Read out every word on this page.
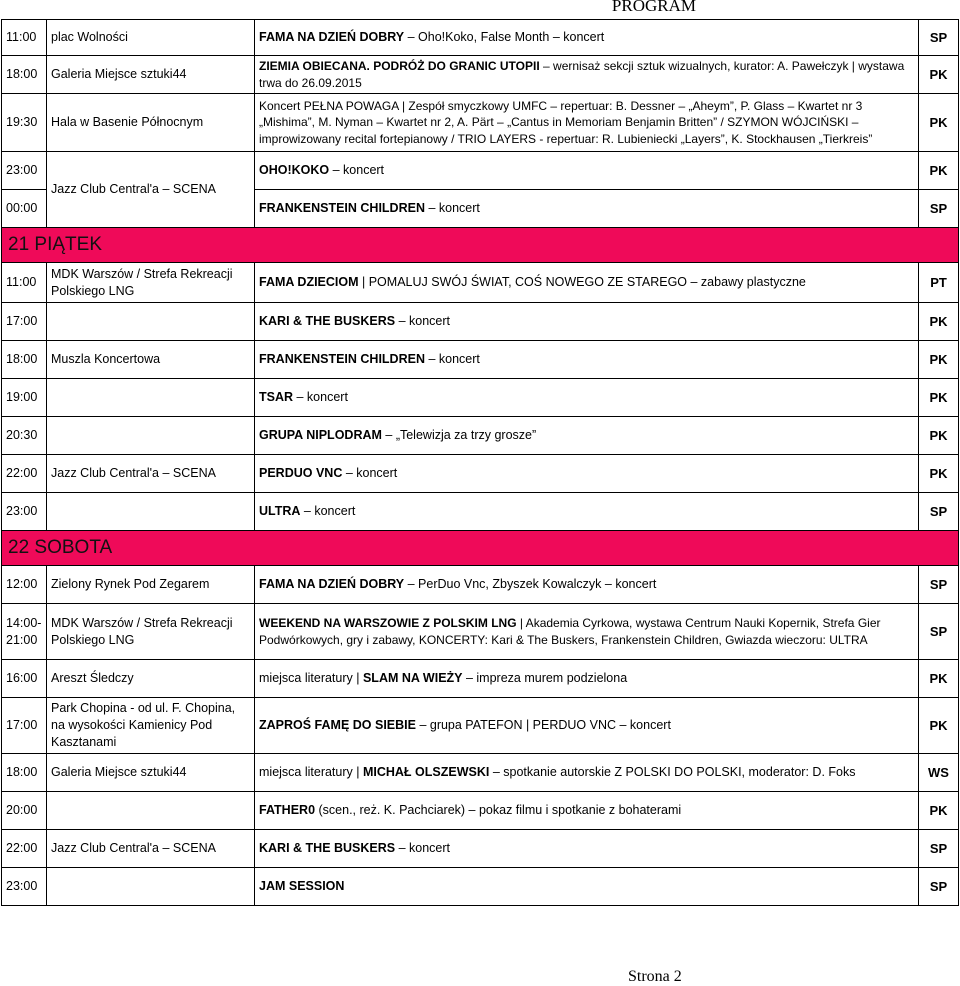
PROGRAM
11:00	plac Wolności	FAMA NA DZIEŃ DOBRY – Oho!Koko, False Month – koncert	SP
18:00	Galeria Miejsce sztuki44	ZIEMIA OBIECANA. PODRÓŻ DO GRANIC UTOPII – wernisaż sekcji sztuk wizualnych, kurator: A. Pawełczyk | wystawa trwa do 26.09.2015	PK
19:30	Hala w Basenie Północnym	Koncert PEŁNA POWAGA | Zespół smyczkowy UMFC – repertuar: B. Dessner – „Aheym”, P. Glass – Kwartet nr 3 „Mishima”, M. Nyman – Kwartet nr 2, A. Pärt – „Cantus in Memoriam Benjamin Britten” / SZYMON WÓJCIŃSKI – improwizowany recital fortepianowy / TRIO LAYERS - repertuar: R. Lubieniecki „Layers”, K. Stockhausen „Tierkreis”	PK
23:00	Jazz Club Central'a – SCENA	OHO!KOKO – koncert	PK
00:00		FRANKENSTEIN CHILDREN – koncert	SP
21 PIĄTEK			
11:00	MDK Warszów / Strefa Rekreacji Polskiego LNG	FAMA DZIECIOM | POMALUJ SWÓJ ŚWIAT, COŚ NOWEGO ZE STAREGO – zabawy plastyczne	PT
17:00		KARI & THE BUSKERS – koncert	PK
18:00	Muszla Koncertowa	FRANKENSTEIN CHILDREN – koncert	PK
19:00		TSAR – koncert	PK
20:30		GRUPA NIPLODRAM – „Telewizja za trzy grosze”	PK
22:00	Jazz Club Central'a – SCENA	PERDUO VNC – koncert	PK
23:00		ULTRA – koncert	SP
22 SOBOTA			
12:00	Zielony Rynek Pod Zegarem	FAMA NA DZIEŃ DOBRY – PerDuo Vnc, Zbyszek Kowalczyk – koncert	SP
14:00-21:00	MDK Warszów / Strefa Rekreacji Polskiego LNG	WEEKEND NA WARSZOWIE Z POLSKIM LNG | Akademia Cyrkowa, wystawa Centrum Nauki Kopernik, Strefa Gier Podwórkowych, gry i zabawy, KONCERTY: Kari & The Buskers, Frankenstein Children, Gwiazda wieczoru: ULTRA	SP
16:00	Areszt Śledczy	miejsca literatury | SLAM NA WIEŻY – impreza murem podzielona	PK
17:00	Park Chopina - od ul. F. Chopina, na wysokości Kamienicy Pod Kasztanami	ZAPROŚ FAMĘ DO SIEBIE – grupa PATEFON | PERDUO VNC – koncert	PK
18:00	Galeria Miejsce sztuki44	miejsca literatury | MICHAŁ OLSZEWSKI – spotkanie autorskie Z POLSKI DO POLSKI, moderator: D. Foks	WS
20:00		FATHER0 (scen., reż. K. Pachciarek) – pokaz filmu i spotkanie z bohaterami	PK
22:00	Jazz Club Central'a – SCENA	KARI & THE BUSKERS – koncert	SP
23:00		JAM SESSION	SP
Strona 2
